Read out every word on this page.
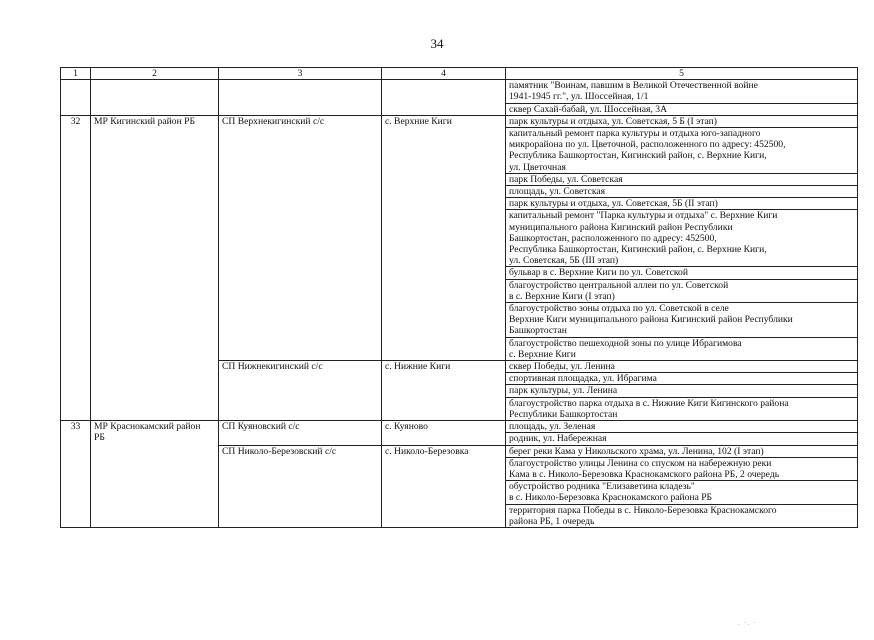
34
1	2	3	4	5
				памятник "Воинам, павшим в Великой Отечественной войне
1941-1945 гг.", ул. Шоссейная, 1/1
				сквер Сахай-бабай, ул. Шоссейная, 3А
32	МР Кигинский район РБ	СП Верхнекигинский с/с	с. Верхние Киги	парк культуры и отдыха, ул. Советская, 5 Б (I этап)
				капитальный ремонт парка культуры и отдыха юго-западного
микрорайона по ул. Цветочной, расположенного по адресу: 452500,
Республика Башкортостан, Кигинский район, с. Верхние Киги,
ул. Цветочная
				парк Победы, ул. Советская
				площадь, ул. Советская
				парк культуры и отдыха, ул. Советская, 5Б (II этап)
				капитальный ремонт "Парка культуры и отдыха" с. Верхние Киги
муниципального района Кигинский район Республики
Башкортостан, расположенного по адресу: 452500,
Республика Башкортостан, Кигинский район, с. Верхние Киги,
ул. Советская, 5Б (III этап)
				бульвар в с. Верхние Киги по ул. Советской
				благоустройство центральной аллеи по ул. Советской
в с. Верхние Киги (I этап)
				благоустройство зоны отдыха по ул. Советской в селе
Верхние Киги муниципального района Кигинский район Республики
Башкортостан
				благоустройство пешеходной зоны по улице Ибрагимова
с. Верхние Киги
		СП Нижнекигинский с/с	с. Нижние Киги	сквер Победы, ул. Ленина
				спортивная площадка, ул. Ибрагима
				парк культуры, ул. Ленина
				благоустройство парка отдыха в с. Нижние Киги Кигинского района
Республики Башкортостан
33	МР Краснокамский район
РБ	СП Куяновский с/с	с. Куяново	площадь, ул. Зеленая
				родник, ул. Набережная
		СП Николо-Березовский с/с	с. Николо-Березовка	берег реки Кама у Никольского храма, ул. Ленина, 102 (I этап)
				благоустройство улицы Ленина со спуском на набережную реки
Кама в с. Николо-Березовка Краснокамского района РБ, 2 очередь
				обустройство родника "Елизаветина кладезь"
в с. Николо-Березовка Краснокамского района РБ
				территория парка Победы в с. Николо-Березовка Краснокамского
района РБ, 1 очередь
.  · .  ·
